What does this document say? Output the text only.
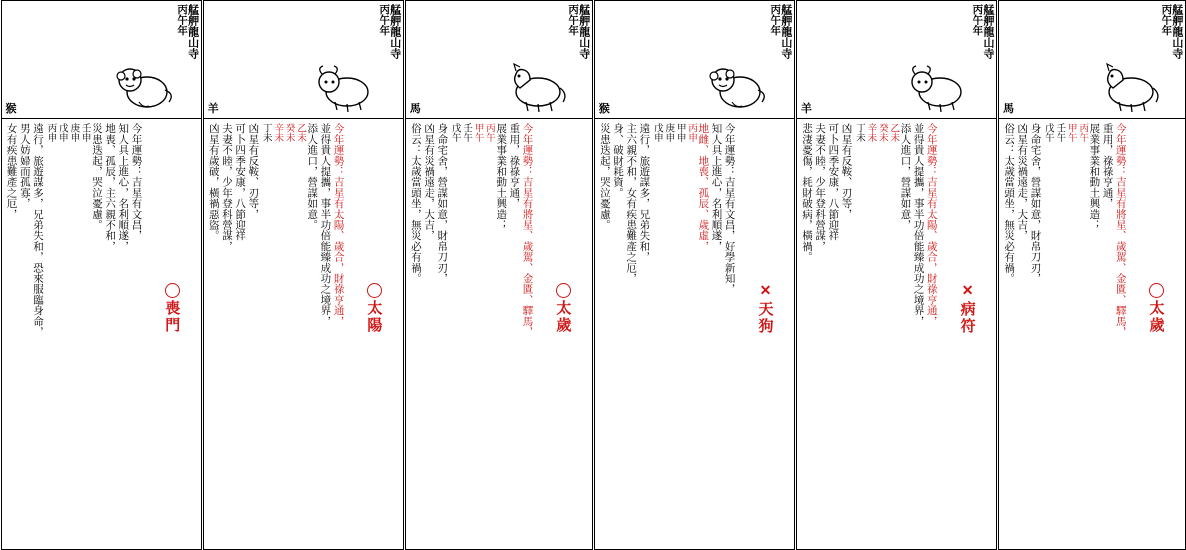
艋舺龍山寺
丙午年
猴

喪門

今年運勢：吉星有文昌，
知人具上進心，名利順遂，
地喪、孤辰，主六親不和，
災患迭起，哭泣憂慮。
壬申
庚申
戊申
丙申
遠行，旅遊謀多，兄弟失和，恐來服臨身命，
男人妨婦而孤寡，
女有疾患難產之厄，
艋舺龍山寺
丙午年
羊

太陽

今年運勢：吉星有太陽、歲合，財祿亨通，
並得貴人提攜，事半功倍能臻成功之境界，
添人進口，營謀如意。
乙未
癸未
辛未
丁未
凶星有反鞍、刃等，
可卜四季安康，八節迎祥
夫妻不睦，少年登科營謀，
凶星有歲破，橫禍惡盜。
艋舺龍山寺
丙午年
馬

太歲

今年運勢：吉星有將星、歲駕、金匱、驛馬，
重用，祿祿亨通，
展業事業和動土興造；
丙午
甲午
壬午
戊午
身命宅舍，營謀如意，財帛刀刃，
凶星有災禍遠走，大吉，
俗云：太歲當頭坐，無災必有禍。
艋舺龍山寺
丙午年
猴

✕天狗

今年運勢：吉星有文昌，好學新知，
知人具上進心，名利順遂，
地雌、地喪、孤辰、歲虛，
丙申
甲申
庚申
戊申
遠行，旅遊謀多，兄弟失和，
主六親不和，女有疾患難產之厄，
身、破財耗資。
災患迭起，哭泣憂慮。
艋舺龍山寺
丙午年
羊

✕病符

今年運勢：吉星有太陽、歲合，財祿亨通，
並得貴人提攜，事半功倍能臻成功之境界，
添人進口，營謀如意，
乙未
癸未
辛未
丁未
凶星有反鞍、刃等，
可卜四季安康，八節迎祥
夫妻不睦，少年登科營謀，
悲淒憂傷，耗財破病，橫禍。
艋舺龍山寺
丙午年
馬

太歲

今年運勢：吉星有將星、歲駕、金匱、驛馬，
重用，祿祿亨通，
展業事業和動土興造；
丙午
甲午
壬午
戊午
身命宅舍，營謀如意，財帛刀刃，
凶星有災禍遠走，大吉，
俗云：太歲當頭坐，無災必有禍。
